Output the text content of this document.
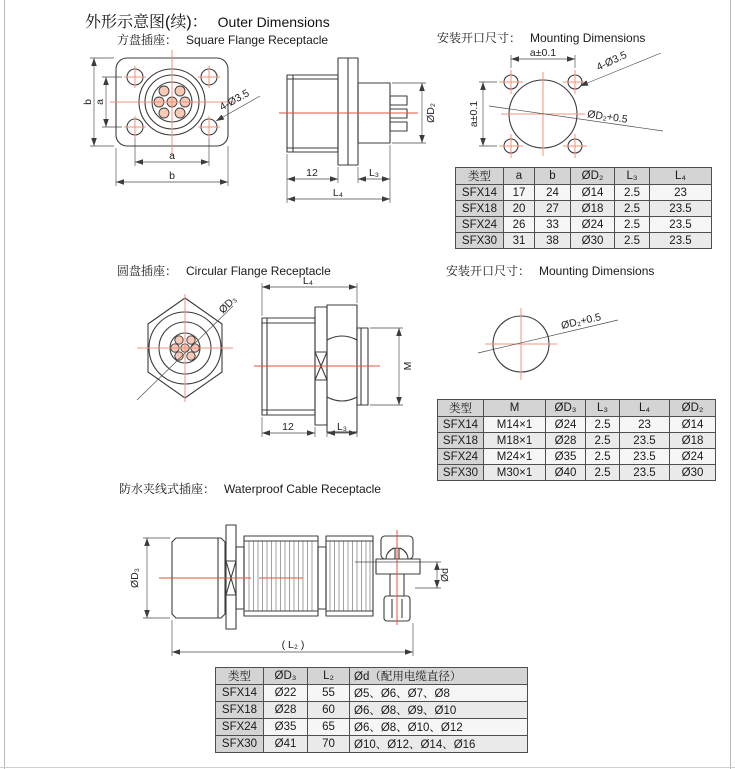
外形示意图(续)： Outer Dimensions
方盘插座： Square Flange Receptacle	安装开口尺寸： Mounting Dimensions
b a
a
b
4-Ø3.5	ØD₂
12	L₃
L₄
a±0.1
a±0.1
4-Ø3.5
ØD₂+0.5
类型	a	b	ØD₂	L₃	L₄
SFX14	17	24	Ø14	2.5	23
SFX18	20	27	Ø18	2.5	23.5
SFX24	26	33	Ø24	2.5	23.5
SFX30	31	38	Ø30	2.5	23.5
圆盘插座： Circular Flange Receptacle	安装开口尺寸： Mounting Dimensions
ØD₃
L₄
M
12	L₃
ØD₂+0.5
类型	M	ØD₃	L₃	L₄	ØD₂
SFX14	M14×1	Ø24	2.5	23	Ø14
SFX18	M18×1	Ø28	2.5	23.5	Ø18
SFX24	M24×1	Ø35	2.5	23.5	Ø24
SFX30	M30×1	Ø40	2.5	23.5	Ø30
防水夹线式插座： Waterproof Cable Receptacle
ØD₃	Ød
( L₂ )
类型	ØD₃	L₂	Ød（配用电缆直径）
SFX14	Ø22	55	Ø5、Ø6、Ø7、Ø8
SFX18	Ø28	60	Ø6、Ø8、Ø9、Ø10
SFX24	Ø35	65	Ø6、Ø8、Ø10、Ø12
SFX30	Ø41	70	Ø10、Ø12、Ø14、Ø16
